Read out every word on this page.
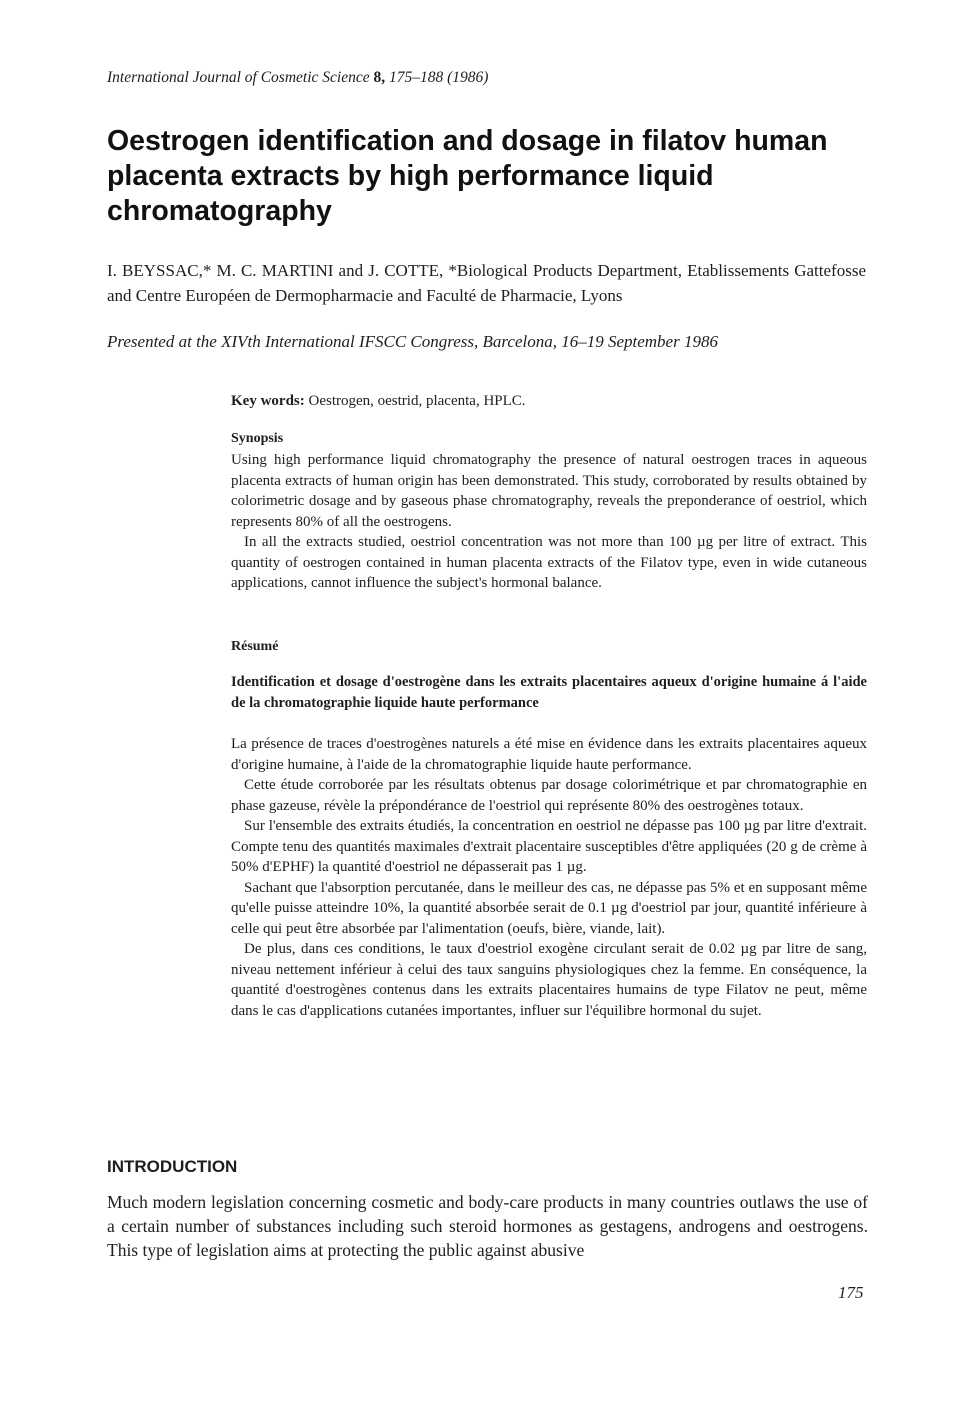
International Journal of Cosmetic Science 8, 175–188 (1986)
Oestrogen identification and dosage in filatov human placenta extracts by high performance liquid chromatography
I. BEYSSAC,* M. C. MARTINI and J. COTTE, *Biological Products Department, Etablissements Gattefosse and Centre Européen de Dermopharmacie and Faculté de Pharmacie, Lyons
Presented at the XIVth International IFSCC Congress, Barcelona, 16–19 September 1986
Key words: Oestrogen, oestrid, placenta, HPLC.
Synopsis

Using high performance liquid chromatography the presence of natural oestrogen traces in aqueous placenta extracts of human origin has been demonstrated. This study, corroborated by results obtained by colorimetric dosage and by gaseous phase chromatography, reveals the preponderance of oestriol, which represents 80% of all the oestrogens.

In all the extracts studied, oestriol concentration was not more than 100 µg per litre of extract. This quantity of oestrogen contained in human placenta extracts of the Filatov type, even in wide cutaneous applications, cannot influence the subject's hormonal balance.

Résumé
Identification et dosage d'oestrogène dans les extraits placentaires aqueux d'origine humaine á l'aide de la chromatographie liquide haute performance

La présence de traces d'oestrogènes naturels a été mise en évidence dans les extraits placentaires aqueux d'origine humaine, à l'aide de la chromatographie liquide haute performance.

Cette étude corroborée par les résultats obtenus par dosage colorimétrique et par chromatographie en phase gazeuse, révèle la prépondérance de l'oestriol qui représente 80% des oestrogènes totaux.

Sur l'ensemble des extraits étudiés, la concentration en oestriol ne dépasse pas 100 µg par litre d'extrait. Compte tenu des quantités maximales d'extrait placentaire susceptibles d'être appliquées (20 g de crème à 50% d'EPHF) la quantité d'oestriol ne dépasserait pas 1 µg.

Sachant que l'absorption percutanée, dans le meilleur des cas, ne dépasse pas 5% et en supposant même qu'elle puisse atteindre 10%, la quantité absorbée serait de 0.1 µg d'oestriol par jour, quantité inférieure à celle qui peut être absorbée par l'alimentation (oeufs, bière, viande, lait).

De plus, dans ces conditions, le taux d'oestriol exogène circulant serait de 0.02 µg par litre de sang, niveau nettement inférieur à celui des taux sanguins physiologiques chez la femme. En conséquence, la quantité d'oestrogènes contenus dans les extraits placentaires humains de type Filatov ne peut, même dans le cas d'applications cutanées importantes, influer sur l'équilibre hormonal du sujet.

INTRODUCTION

Much modern legislation concerning cosmetic and body-care products in many countries outlaws the use of a certain number of substances including such steroid hormones as gestagens, androgens and oestrogens. This type of legislation aims at protecting the public against abusive

175
